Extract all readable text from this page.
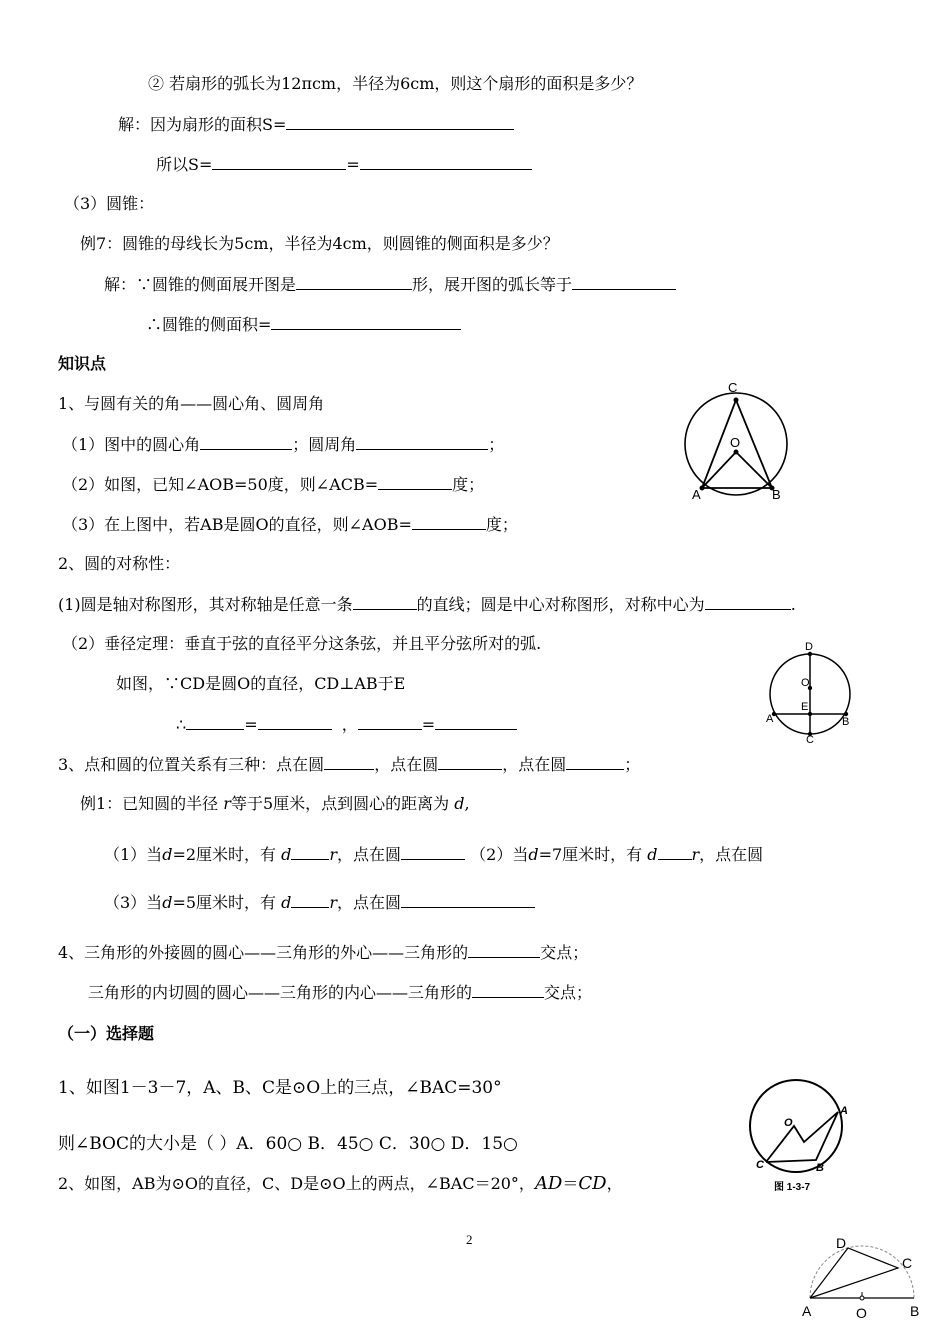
② 若扇形的弧长为12πcm，半径为6cm，则这个扇形的面积是多少？
解：因为扇形的面积S=
所以S=	=
（3）圆锥：
例7：圆锥的母线长为5cm，半径为4cm，则圆锥的侧面积是多少？
解：∵圆锥的侧面展开图是	形，展开图的弧长等于
∴圆锥的侧面积=
知识点
1、与圆有关的角——圆心角、圆周角
（1）图中的圆心角	；圆周角	；
（2）如图，已知∠AOB=50度，则∠ACB=	度；
（3）在上图中，若AB是圆O的直径，则∠AOB=	度；
2、圆的对称性：
(1)圆是轴对称图形，其对称轴是任意一条	的直线；圆是中心对称图形，对称中心为	.
（2）垂径定理：垂直于弦的直径平分这条弦，并且平分弦所对的弧.
如图，∵CD是圆O的直径，CD⊥AB于E
∴	=	，	=
3、点和圆的位置关系有三种：点在圆	，点在圆	，点在圆	；
例1：已知圆的半径 r等于5厘米，点到圆心的距离为 d,
（1）当d=2厘米时，有 d r，点在圆	（2）当d=7厘米时，有 d r，点在圆
（3）当d=5厘米时，有 d r，点在圆
4、三角形的外接圆的圆心——三角形的外心——三角形的	交点；
三角形的内切圆的圆心——三角形的内心——三角形的	交点；
（一）选择题
1、如图1－3－7，A、B、C是⊙O上的三点，∠BAC=30°
则∠BOC的大小是（ ）A．60○ B．45○ C．30○ D．15○
2、如图，AB为⊙O的直径，C、D是⊙O上的两点，∠BAC＝20°，AD＝CD，
2
C
O
A	B
D
O
E
A	B
C
O
A
C	B
图 1-3-7
D
C
A	O	B
